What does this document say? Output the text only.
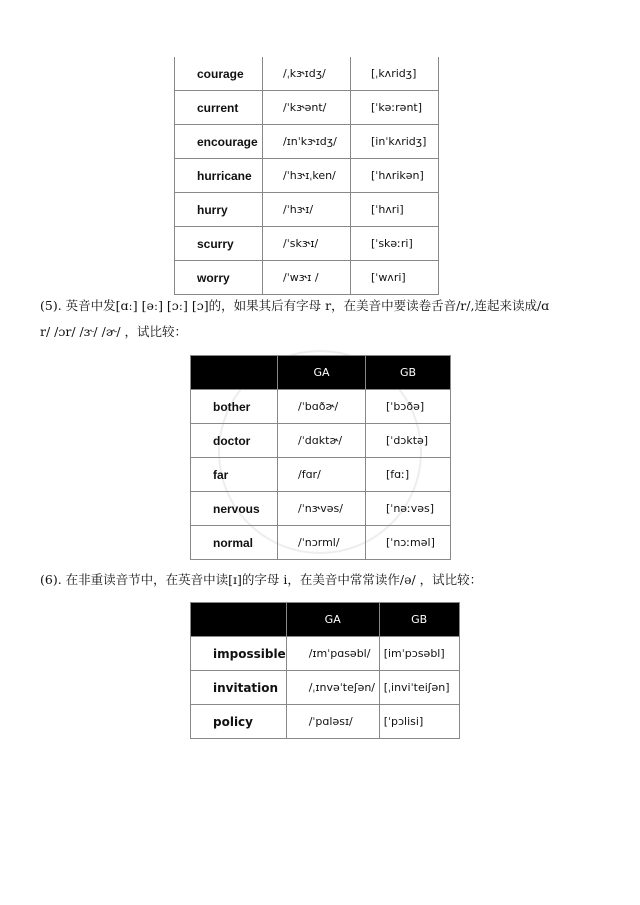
courage	/ˌkɝɪdʒ/	[ˌkʌridʒ]
current	/ˈkɝənt/	[ˈkəːrənt]
encourage	/ɪnˈkɝɪdʒ/	[inˈkʌridʒ]
hurricane	/ˈhɝɪˌken/	[ˈhʌrikən]
hurry	/ˈhɝɪ/	[ˈhʌri]
scurry	/ˈskɝɪ/	[ˈskəːri]
worry	/ˈwɝɪ /	[ˈwʌri]
(5). 英音中发[ɑː] [əː] [ɔː] [ɔ]的，如果其后有字母 r，在美音中要读卷舌音/r/,连起来读成/ɑ
r/ /ɔr/ /ɝ/ /ɚ/ ，试比较：
	GA	GB
bother	/ˈbɑðɚ/	[ˈbɔðə]
doctor	/ˈdɑktɚ/	[ˈdɔktə]
far	/fɑr/	[fɑː]
nervous	/ˈnɝvəs/	[ˈnəːvəs]
normal	/ˈnɔrml/	[ˈnɔːməl]
(6). 在非重读音节中，在英音中读[ɪ]的字母 i，在美音中常常读作/ə/ ，试比较：
	GA	GB
impossible	/ɪmˈpɑsəbl/	[imˈpɔsəbl]
invitation	/ˌɪnvəˈteʃən/	[ˌinviˈteiʃən]
policy	/ˈpɑləsɪ/	[ˈpɔlisi]
